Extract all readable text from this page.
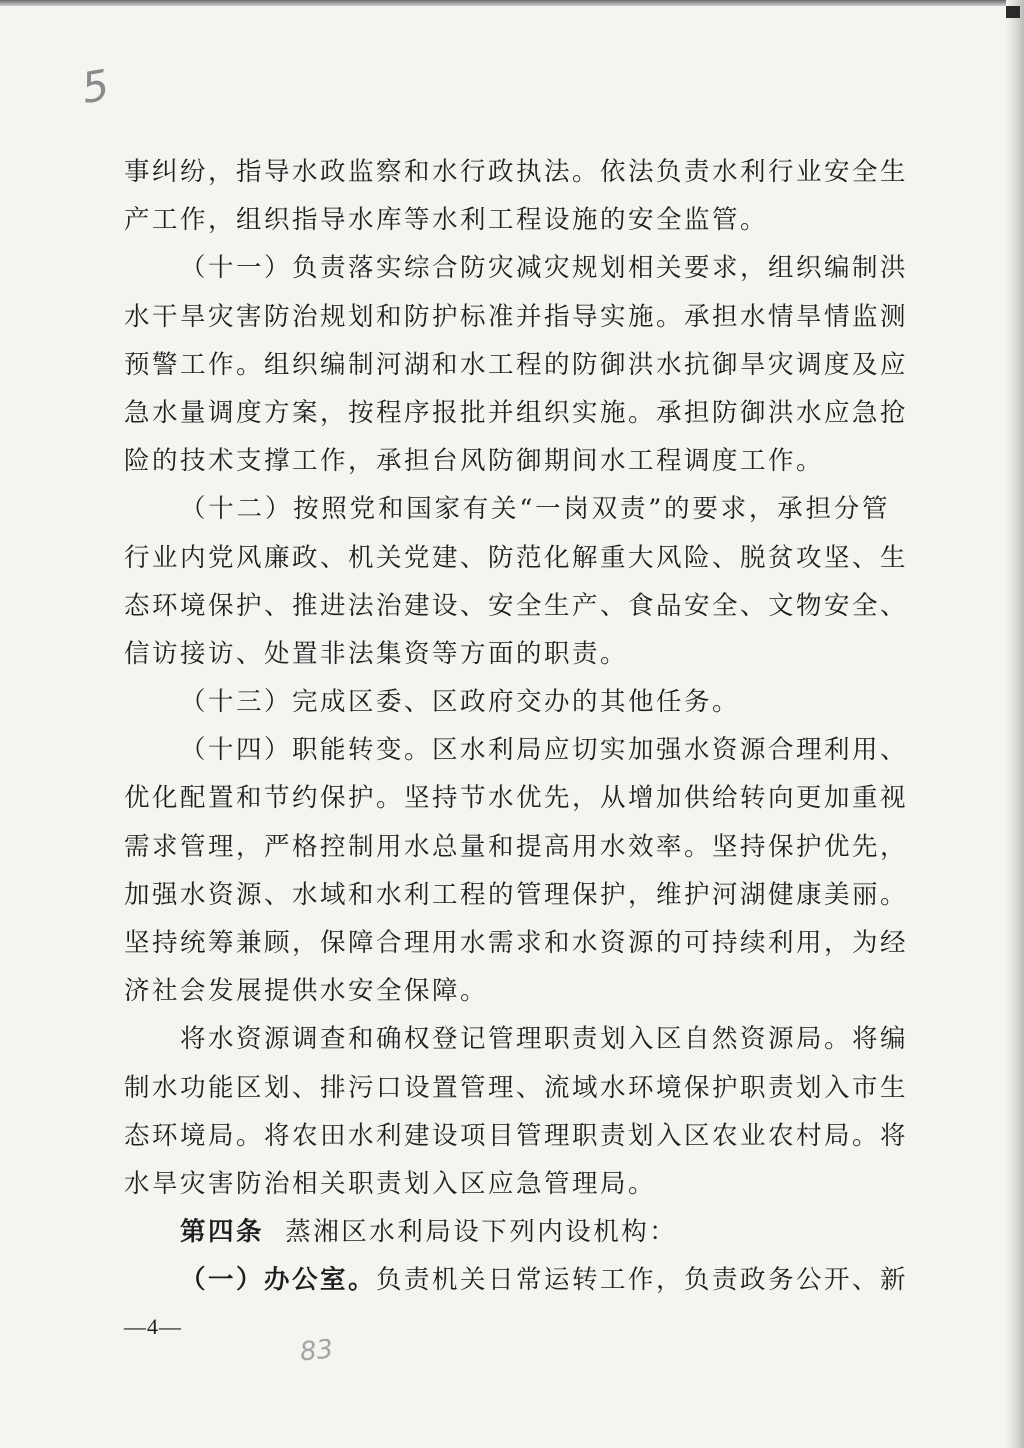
5
83
事纠纷，指导水政监察和水行政执法。依法负责水利行业安全生
产工作，组织指导水库等水利工程设施的安全监管。
（十一）负责落实综合防灾减灾规划相关要求，组织编制洪
水干旱灾害防治规划和防护标准并指导实施。承担水情旱情监测
预警工作。组织编制河湖和水工程的防御洪水抗御旱灾调度及应
急水量调度方案，按程序报批并组织实施。承担防御洪水应急抢
险的技术支撑工作，承担台风防御期间水工程调度工作。
（十二）按照党和国家有关“一岗双责”的要求，承担分管
行业内党风廉政、机关党建、防范化解重大风险、脱贫攻坚、生
态环境保护、推进法治建设、安全生产、食品安全、文物安全、
信访接访、处置非法集资等方面的职责。
（十三）完成区委、区政府交办的其他任务。
（十四）职能转变。区水利局应切实加强水资源合理利用、
优化配置和节约保护。坚持节水优先，从增加供给转向更加重视
需求管理，严格控制用水总量和提高用水效率。坚持保护优先，
加强水资源、水域和水利工程的管理保护，维护河湖健康美丽。
坚持统筹兼顾，保障合理用水需求和水资源的可持续利用，为经
济社会发展提供水安全保障。
将水资源调查和确权登记管理职责划入区自然资源局。将编
制水功能区划、排污口设置管理、流域水环境保护职责划入市生
态环境局。将农田水利建设项目管理职责划入区农业农村局。将
水旱灾害防治相关职责划入区应急管理局。
第四条 蒸湘区水利局设下列内设机构：
（一）办公室。负责机关日常运转工作，负责政务公开、新
—4—
